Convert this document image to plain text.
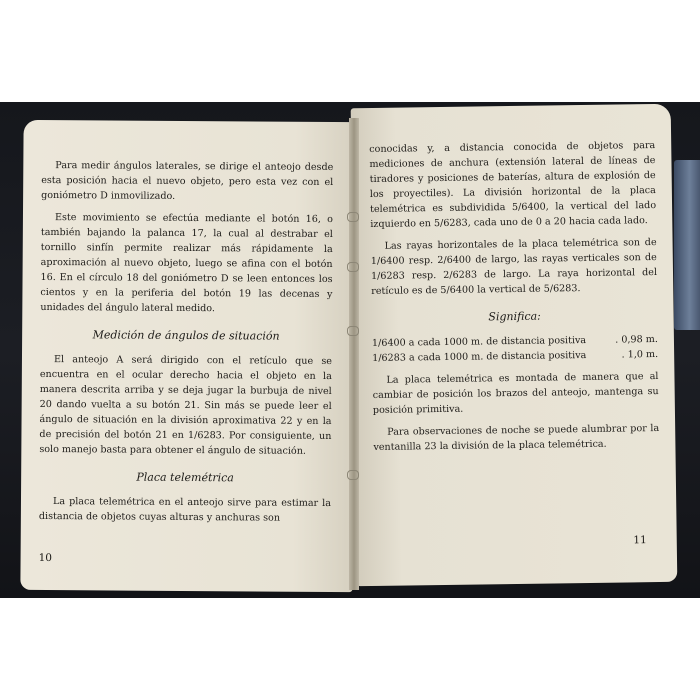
Para medir ángulos laterales, se dirige el anteojo desde esta posición hacia el nuevo objeto, pero esta vez con el goniómetro D inmovilizado.

Este movimiento se efectúa mediante el botón 16, o también bajando la palanca 17, la cual al destrabar el tornillo sinfín permite realizar más rápidamente la aproximación al nuevo objeto, luego se afina con el botón 16. En el círculo 18 del goniómetro D se leen entonces los cientos y en la periferia del botón 19 las decenas y unidades del ángulo lateral medido.

Medición de ángulos de situación

El anteojo A será dirigido con el retículo que se encuentra en el ocular derecho hacia el objeto en la manera descrita arriba y se deja jugar la burbuja de nivel 20 dando vuelta a su botón 21. Sin más se puede leer el ángulo de situación en la división aproximativa 22 y en la de precisión del botón 21 en 1/6283. Por consiguiente, un solo manejo basta para obtener el ángulo de situación.

Placa telemétrica

La placa telemétrica en el anteojo sirve para estimar la distancia de objetos cuyas alturas y anchuras son

10

conocidas y, a distancia conocida de objetos para mediciones de anchura (extensión lateral de líneas de tiradores y posiciones de baterías, altura de explosión de los proyectiles). La división horizontal de la placa telemétrica es subdividida 5/6400, la vertical del lado izquierdo en 5/6283, cada uno de 0 a 20 hacia cada lado.

Las rayas horizontales de la placa telemétrica son de 1/6400 resp. 2/6400 de largo, las rayas verticales son de 1/6283 resp. 2/6283 de largo. La raya horizontal del retículo es de 5/6400 la vertical de 5/6283.

Significa:
1/6400 a cada 1000 m. de distancia positiva	. 0,98 m.
1/6283 a cada 1000 m. de distancia positiva	. 1,0 m.

La placa telemétrica es montada de manera que al cambiar de posición los brazos del anteojo, mantenga su posición primitiva.

Para observaciones de noche se puede alumbrar por la ventanilla 23 la división de la placa telemétrica.

11
